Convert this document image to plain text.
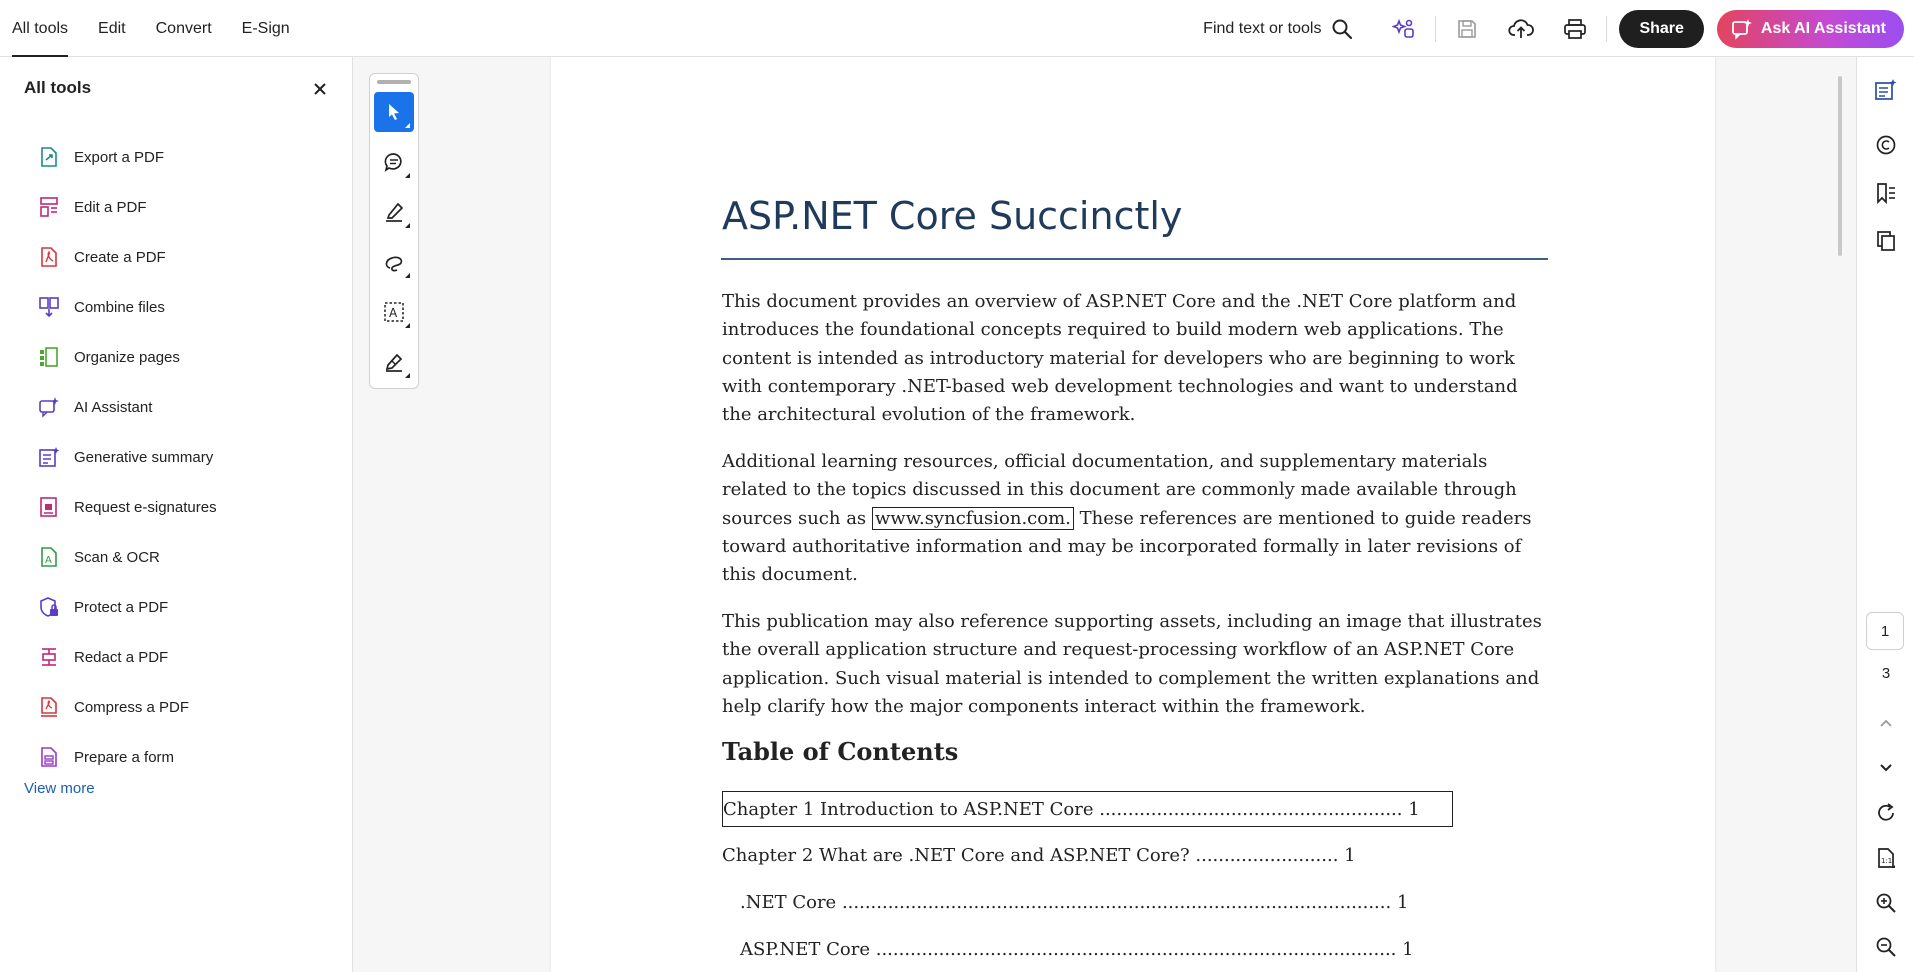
All tools Edit Convert E-Sign	Find text or tools	Share	Ask AI Assistant
All tools
Export a PDF
Edit a PDF
Create a PDF
Combine files
Organize pages
AI Assistant
Generative summary
Request e-signatures
A Scan & OCR
Protect a PDF
Redact a PDF
Compress a PDF
Prepare a form
View more
A
ASP.NET Core Succinctly
This document provides an overview of ASP.NET Core and the .NET Core platform and introduces the foundational concepts required to build modern web applications. The content is intended as introductory material for developers who are beginning to work with contemporary .NET-based web development technologies and want to understand the architectural evolution of the framework.
Additional learning resources, official documentation, and supplementary materials related to the topics discussed in this document are commonly made available through sources such as www.syncfusion.com. These references are mentioned to guide readers toward authoritative information and may be incorporated formally in later revisions of this document.
This publication may also reference supporting assets, including an image that illustrates the overall application structure and request-processing workflow of an ASP.NET Core application. Such visual material is intended to complement the written explanations and help clarify how the major components interact within the framework.
Table of Contents
Chapter 1 Introduction to ASP.NET Core ..................................................... 1
Chapter 2 What are .NET Core and ASP.NET Core? ......................... 1
.NET Core ................................................................................................ 1
ASP.NET Core ........................................................................................... 1
1
3
1:1
